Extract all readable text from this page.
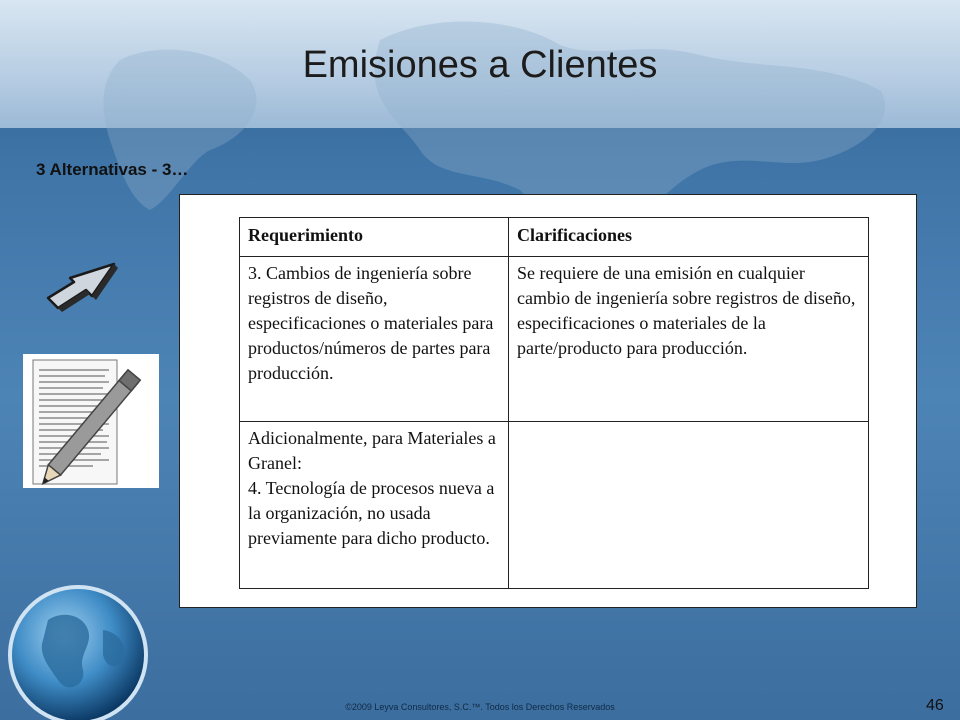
Emisiones a Clientes
3 Alternativas - 3…
Requerimiento	Clarificaciones
3. Cambios de ingeniería sobre registros de diseño, especificaciones o materiales para productos/números de partes para producción.	Se requiere de una emisión en cualquier cambio de ingeniería sobre registros de diseño, especificaciones o materiales de la parte/producto para producción.

Adicionalmente, para Materiales a Granel:
4. Tecnología de procesos nueva a la organización, no usada previamente para dicho producto.	

©2009 Leyva Consultores, S.C.™. Todos los Derechos Reservados	46
